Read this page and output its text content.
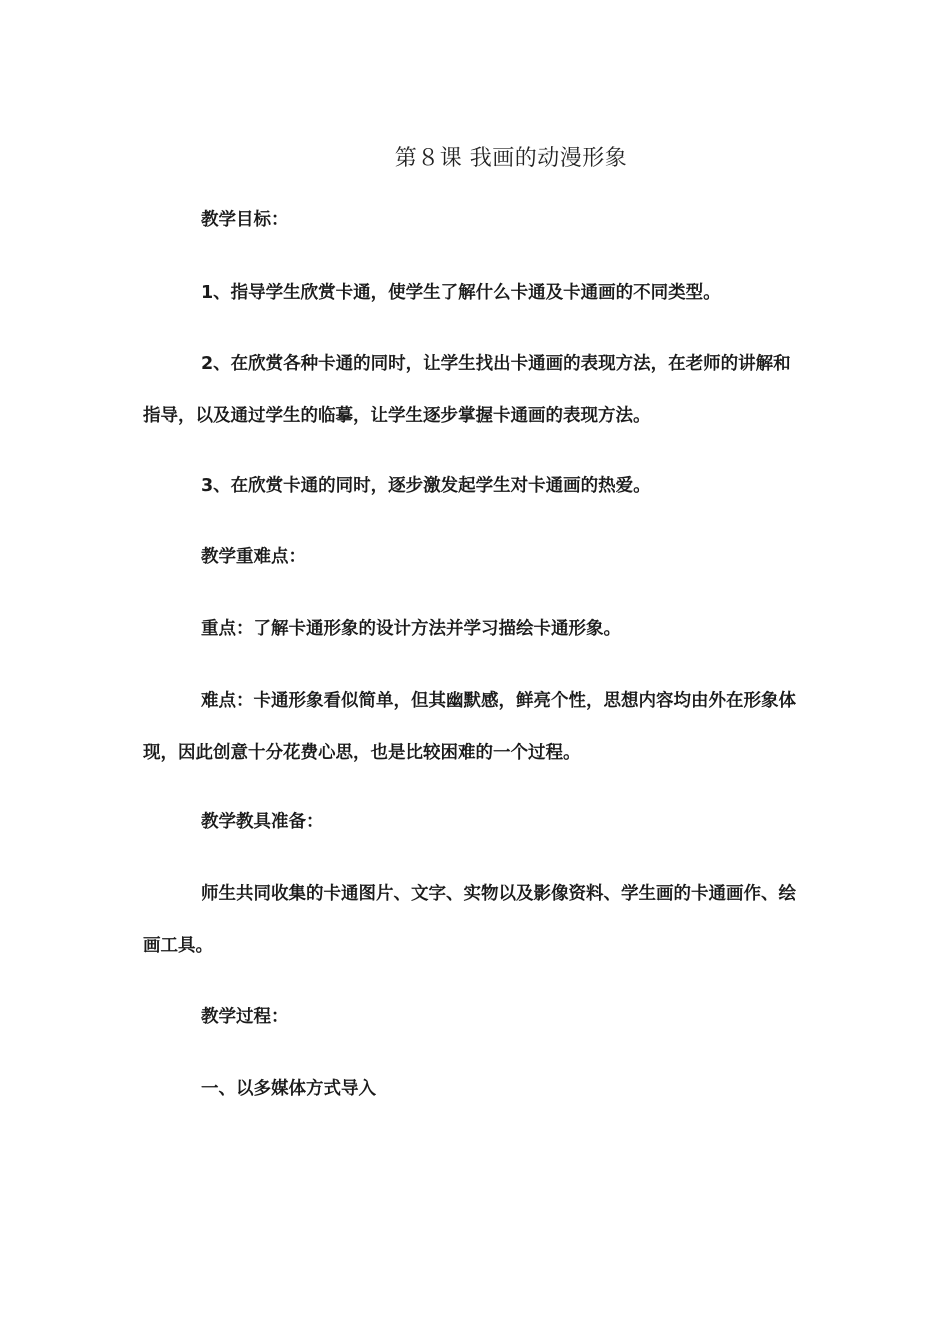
第８课 我画的动漫形象

教学目标：

1、指导学生欣赏卡通，使学生了解什么卡通及卡通画的不同类型。

2、在欣赏各种卡通的同时，让学生找出卡通画的表现方法，在老师的讲解和指导，以及通过学生的临摹，让学生逐步掌握卡通画的表现方法。

3、在欣赏卡通的同时，逐步激发起学生对卡通画的热爱。

教学重难点：

重点：了解卡通形象的设计方法并学习描绘卡通形象。

难点：卡通形象看似简单，但其幽默感，鲜亮个性，思想内容均由外在形象体现，因此创意十分花费心思，也是比较困难的一个过程。

教学教具准备：

师生共同收集的卡通图片、文字、实物以及影像资料、学生画的卡通画作、绘画工具。

教学过程：

一、以多媒体方式导入
